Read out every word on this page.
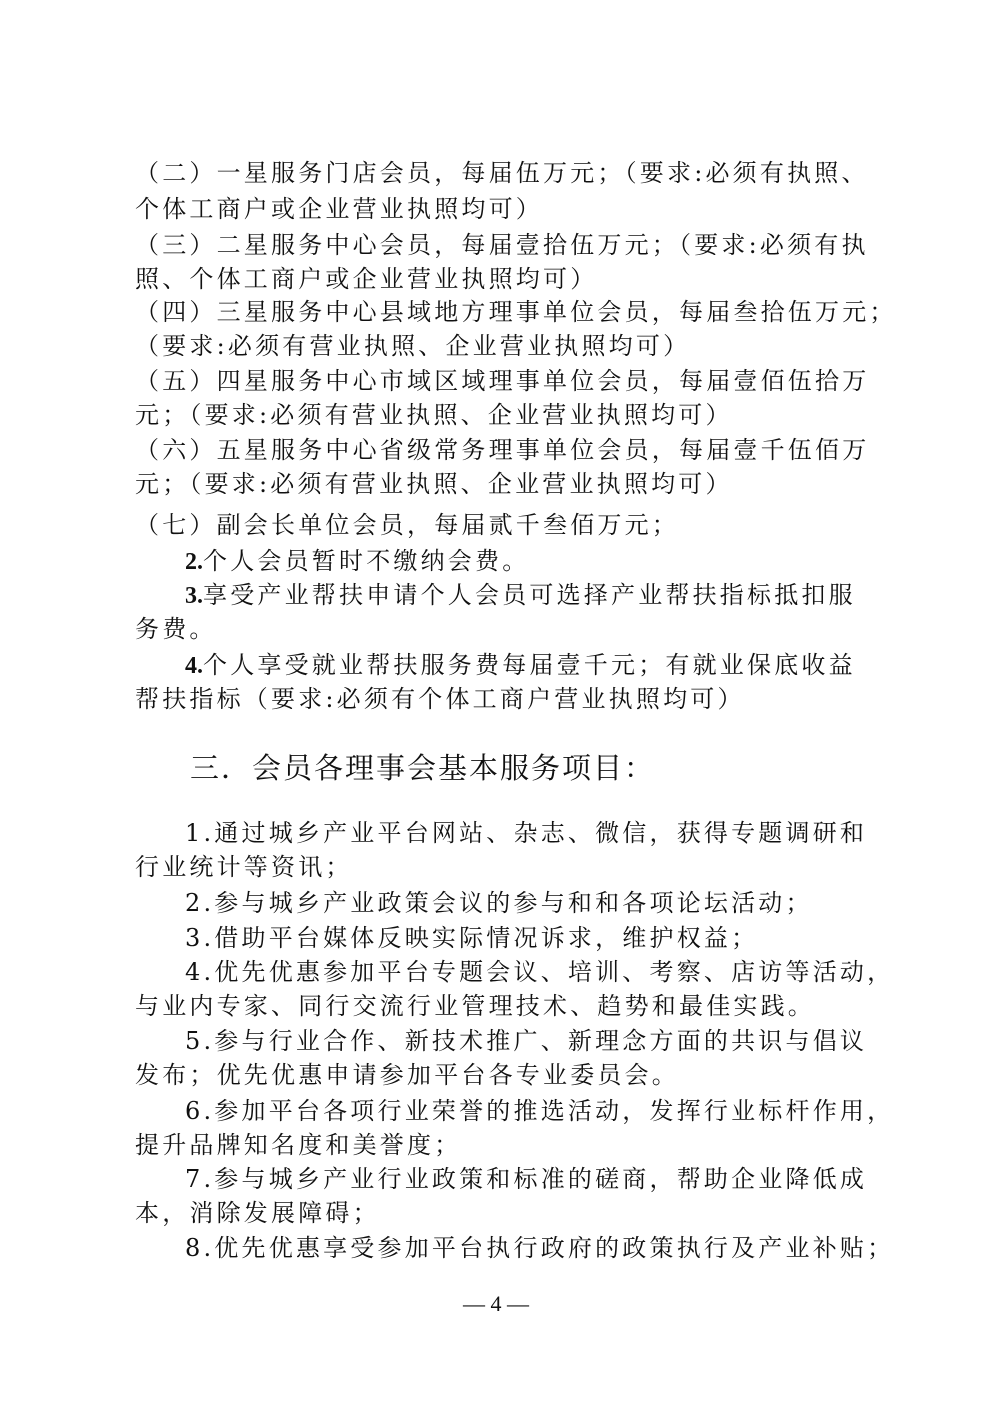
（二）一星服务门店会员，每届伍万元；（要求:必须有执照、
个体工商户或企业营业执照均可）
（三）二星服务中心会员，每届壹拾伍万元；（要求:必须有执
照、个体工商户或企业营业执照均可）
（四）三星服务中心县域地方理事单位会员，每届叁拾伍万元；
（要求:必须有营业执照、企业营业执照均可）
（五）四星服务中心市域区域理事单位会员，每届壹佰伍拾万
元；（要求:必须有营业执照、企业营业执照均可）
（六）五星服务中心省级常务理事单位会员，每届壹千伍佰万
元；（要求:必须有营业执照、企业营业执照均可）
（七）副会长单位会员，每届贰千叁佰万元；
2.个人会员暂时不缴纳会费。
3.享受产业帮扶申请个人会员可选择产业帮扶指标抵扣服
务费。
4.个人享受就业帮扶服务费每届壹千元；有就业保底收益
帮扶指标（要求:必须有个体工商户营业执照均可）
三．会员各理事会基本服务项目：
1.通过城乡产业平台网站、杂志、微信，获得专题调研和
行业统计等资讯；
2.参与城乡产业政策会议的参与和和各项论坛活动；
3.借助平台媒体反映实际情况诉求，维护权益；
4.优先优惠参加平台专题会议、培训、考察、店访等活动，
与业内专家、同行交流行业管理技术、趋势和最佳实践。
5.参与行业合作、新技术推广、新理念方面的共识与倡议
发布；优先优惠申请参加平台各专业委员会。
6.参加平台各项行业荣誉的推选活动，发挥行业标杆作用，
提升品牌知名度和美誉度；
7.参与城乡产业行业政策和标准的磋商，帮助企业降低成
本，消除发展障碍；
8.优先优惠享受参加平台执行政府的政策执行及产业补贴；
— 4 —
